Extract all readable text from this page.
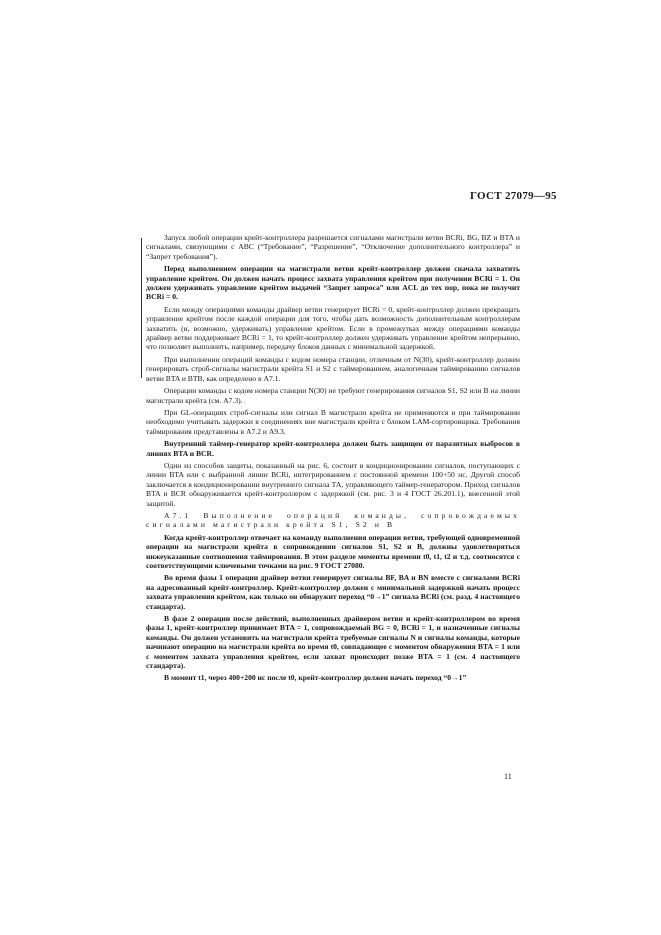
ГОСТ 27079—95

Запуск любой операции крейт-контроллера разрешается сигналами магистрали ветви BCRi, BG, BZ и BTA и сигналами, связующими с АВС (“Требование”, “Разрешение”, “Отключение дополнительного контроллера” и “Запрет требования”).

Перед выполнением операции на магистрали ветви крейт-контроллер должен сначала захватить управление крейтом. Он должен начать процесс захвата управления крейтом при получении BCRi = 1. Он должен удерживать управление крейтом выдачей “Запрет запроса” или ACL до тех пор, пока не получит BCRi = 0.

Если между операциями команды драйвер ветви генерирует BCRi = 0, крейт-контроллер должен прекращать управление крейтом после каждой операции для того, чтобы дать возможность дополнительным контроллерам захватить (и, возможно, удерживать) управление крейтом. Если в промежутках между операциями команды драйвер ветви поддерживает BCRi = 1, то крейт-контроллер должен удерживать управление крейтом непрерывно, что позволяет выполнить, например, передачу блоков данных с минимальной задержкой.

При выполнении операций команды с кодом номера станции, отличным от N(30), крейт-контроллер должен генерировать строб-сигналы магистрали крейта S1 и S2 с таймированием, аналогичным таймированию сигналов ветви BTA и BTB, как определено в А7.1.

Операции команды с кодом номера станции N(30) не требуют генерирования сигналов S1, S2 или B на линии магистрали крейта (см. А7.3).

При GL-операциях строб-сигналы или сигнал B магистрали крейта не применяются и при таймировании необходимо учитывать задержки в соединениях вне магистрали крейта с блоком LAM-сортировщика. Требования таймирования представлены в А7.2 и А9.3.

Внутренний таймер-генератор крейт-контроллера должен быть защищен от паразитных выбросов в линиях BTA и BCR.

Один из способов защиты, показанный на рис. 6, состоит в кондиционировании сигналов, поступающих с линии BTA или с выбранной линии BCRi, интегрированием с постоянной времени 100+50 нс. Другой способ заключается в кондиционировании внутреннего сигнала ТА, управляющего таймер-генератором. Приход сигналов BTA и BCR обнаруживается крейт-контроллером с задержкой (см. рис. 3 и 4 ГОСТ 26.201.1), внесенной этой защитой.

А7.1 Выполнение операций команды, сопровождаемых сигналами магистрали крейта S1, S2 и B

Когда крейт-контроллер отвечает на команду выполнения операции ветви, требующей одновременной операции на магистрали крейта в сопровождении сигналов S1, S2 и B, должны удовлетворяться нижеуказанные соотношения таймирования. В этом разделе моменты времени t0, t1, t2 и т.д. соотносятся с соответствующими ключевыми точками на рис. 9 ГОСТ 27080.

Во время фазы 1 операции драйвер ветви генерирует сигналы BF, BA и BN вместе с сигналами BCRi на адресованный крейт-контроллер. Крейт-контроллер должен с минимальной задержкой начать процесс захвата управления крейтом, как только он обнаружит переход “0→1” сигнала BCRi (см. разд. 4 настоящего стандарта).

В фазе 2 операции после действий, выполненных драйвером ветви и крейт-контроллером во время фазы 1, крейт-контроллер принимает BTA = 1, сопровождаемый BG = 0, BCRi = 1, и назначенные сигналы команды. Он должен установить на магистрали крейта требуемые сигналы N и сигналы команды, которые начинают операцию на магистрали крейта во время t0, совпадающее с моментом обнаружения BTA = 1 или с моментом захвата управления крейтом, если захват происходит позже BTA = 1 (см. 4 настоящего стандарта).

В момент t1, через 400+200 нс после t0, крейт-контроллер должен начать переход “0→1”

11
